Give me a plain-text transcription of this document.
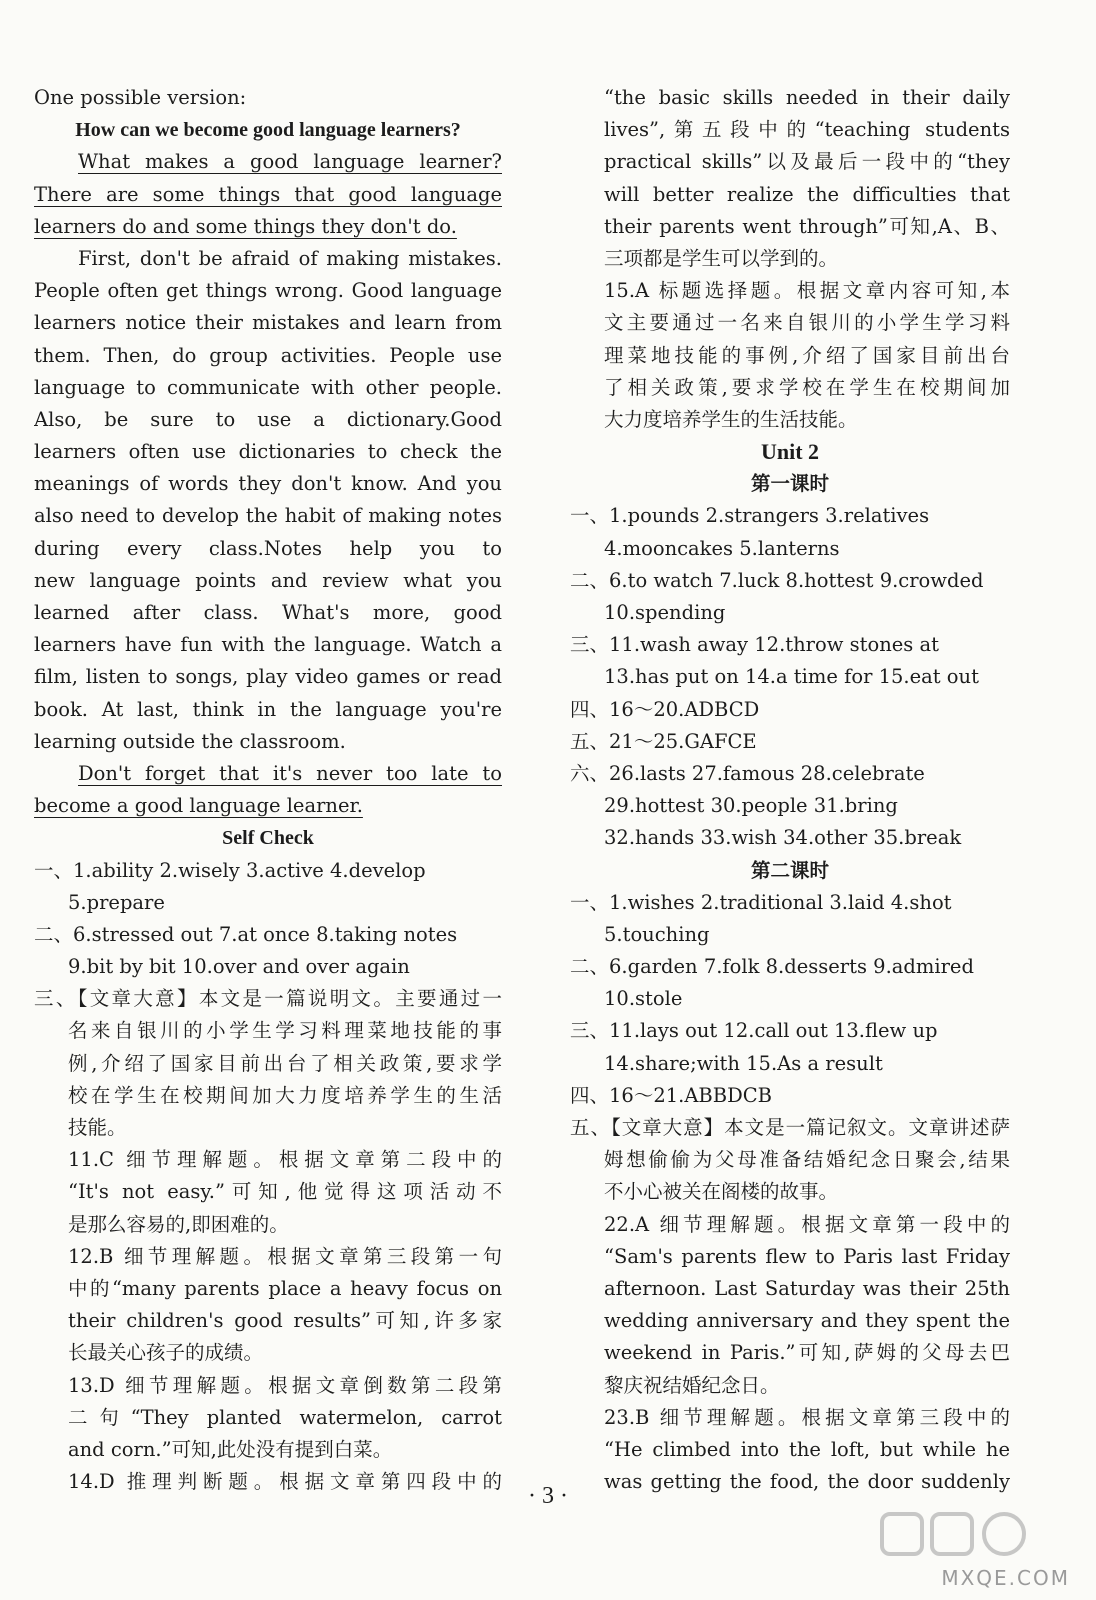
One possible version:
How can we become good language learners?
What makes a good language learner?
There are some things that good language
learners do and some things they don't do.
First, don't be afraid of making mistakes.
People often get things wrong. Good language
learners notice their mistakes and learn from
them. Then, do group activities. People use
language to communicate with other people.
Also, be sure to use a dictionary.Good
learners often use dictionaries to check the
meanings of words they don't know. And you
also need to develop the habit of making notes
during every class.Notes help you to
new language points and review what you
learned after class. What's more, good
learners have fun with the language. Watch a
film, listen to songs, play video games or read
book. At last, think in the language you're
learning outside the classroom.
Don't forget that it's never too late to
become a good language learner.
Self Check
一、1.ability 2.wisely 3.active 4.develop
5.prepare
二、6.stressed out 7.at once 8.taking notes
9.bit by bit 10.over and over again
三、【文章大意】本文是一篇说明文。主要通过一
名来自银川的小学生学习料理菜地技能的事
例,介绍了国家目前出台了相关政策,要求学
校在学生在校期间加大力度培养学生的生活
技能。
11.C 细节理解题。根据文章第二段中的
“It's not easy.”可知,他觉得这项活动不
是那么容易的,即困难的。
12.B 细节理解题。根据文章第三段第一句
中的“many parents place a heavy focus on
their children's good results”可知,许多家
长最关心孩子的成绩。
13.D 细节理解题。根据文章倒数第二段第
二句“They planted watermelon, carrot
and corn.”可知,此处没有提到白菜。
14.D 推理判断题。根据文章第四段中的
“the basic skills needed in their daily
lives”,第五段中的“teaching students
practical skills”以及最后一段中的“they
will better realize the difficulties that
their parents went through”可知,A、B、
三项都是学生可以学到的。
15.A 标题选择题。根据文章内容可知,本
文主要通过一名来自银川的小学生学习料
理菜地技能的事例,介绍了国家目前出台
了相关政策,要求学校在学生在校期间加
大力度培养学生的生活技能。
Unit 2
第一课时
一、1.pounds 2.strangers 3.relatives
4.mooncakes 5.lanterns
二、6.to watch 7.luck 8.hottest 9.crowded
10.spending
三、11.wash away 12.throw stones at
13.has put on 14.a time for 15.eat out
四、16～20.ADBCD
五、21～25.GAFCE
六、26.lasts 27.famous 28.celebrate
29.hottest 30.people 31.bring
32.hands 33.wish 34.other 35.break
第二课时
一、1.wishes 2.traditional 3.laid 4.shot
5.touching
二、6.garden 7.folk 8.desserts 9.admired
10.stole
三、11.lays out 12.call out 13.flew up
14.share;with 15.As a result
四、16～21.ABBDCB
五、【文章大意】本文是一篇记叙文。文章讲述萨
姆想偷偷为父母准备结婚纪念日聚会,结果
不小心被关在阁楼的故事。
22.A 细节理解题。根据文章第一段中的
“Sam's parents flew to Paris last Friday
afternoon. Last Saturday was their 25th
wedding anniversary and they spent the
weekend in Paris.”可知,萨姆的父母去巴
黎庆祝结婚纪念日。
23.B 细节理解题。根据文章第三段中的
“He climbed into the loft, but while he
was getting the food, the door suddenly
· 3 ·
MXQE.COM
